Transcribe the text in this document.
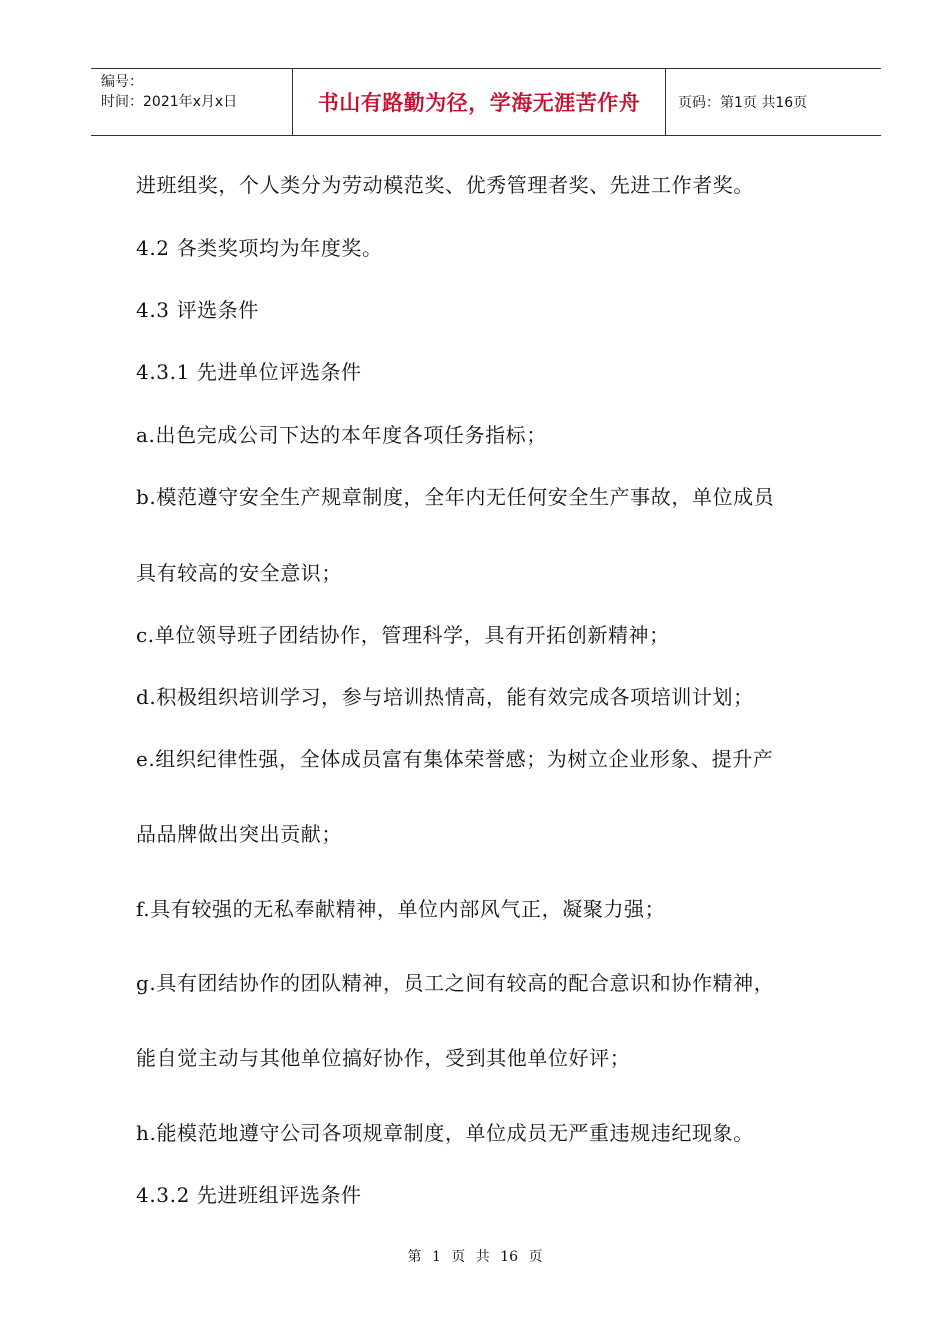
编号：
时间：2021年x月x日	书山有路勤为径，学海无涯苦作舟	页码：第1页 共16页
进班组奖，个人类分为劳动模范奖、优秀管理者奖、先进工作者奖。
4.2 各类奖项均为年度奖。
4.3 评选条件
4.3.1 先进单位评选条件
a.出色完成公司下达的本年度各项任务指标；
b.模范遵守安全生产规章制度，全年内无任何安全生产事故，单位成员
具有较高的安全意识；
c.单位领导班子团结协作，管理科学，具有开拓创新精神；
d.积极组织培训学习，参与培训热情高，能有效完成各项培训计划；
e.组织纪律性强，全体成员富有集体荣誉感；为树立企业形象、提升产
品品牌做出突出贡献；
f.具有较强的无私奉献精神，单位内部风气正，凝聚力强；
g.具有团结协作的团队精神，员工之间有较高的配合意识和协作精神，
能自觉主动与其他单位搞好协作，受到其他单位好评；
h.能模范地遵守公司各项规章制度，单位成员无严重违规违纪现象。
4.3.2 先进班组评选条件
第 1 页 共 16 页
